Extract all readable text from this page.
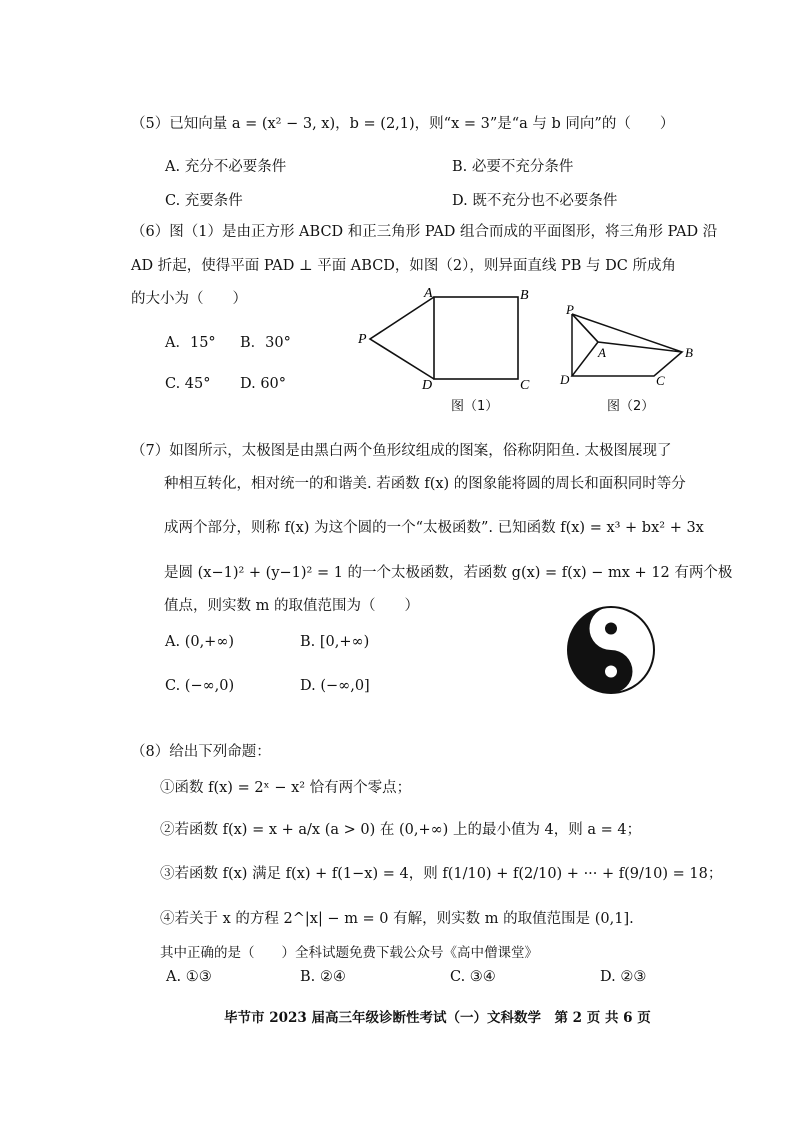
（5）已知向量 a = (x² − 3, x)，b = (2,1)，则“x = 3”是“a 与 b 同向”的（　　）
A. 充分不必要条件	B. 必要不充分条件
C. 充要条件	D. 既不充分也不必要条件
（6）图（1）是由正方形 ABCD 和正三角形 PAD 组合而成的平面图形，将三角形 PAD 沿
AD 折起，使得平面 PAD ⊥ 平面 ABCD，如图（2），则异面直线 PB 与 DC 所成角
的大小为（　　）
A．15° B．30°
C. 45° D. 60°
A	B
P
D	C
图（1）
P
A	B
D	C
图（2）
（7）如图所示，太极图是由黑白两个鱼形纹组成的图案，俗称阴阳鱼. 太极图展现了
种相互转化，相对统一的和谐美. 若函数 f(x) 的图象能将圆的周长和面积同时等分
成两个部分，则称 f(x) 为这个圆的一个“太极函数”. 已知函数 f(x) = x³ + bx² + 3x
是圆 (x−1)² + (y−1)² = 1 的一个太极函数，若函数 g(x) = f(x) − mx + 12 有两个极
值点，则实数 m 的取值范围为（　　）
A. (0,+∞)	B. [0,+∞)
C. (−∞,0)	D. (−∞,0]
（8）给出下列命题：
①函数 f(x) = 2ˣ − x² 恰有两个零点；
②若函数 f(x) = x + a/x (a > 0) 在 (0,+∞) 上的最小值为 4，则 a = 4；
③若函数 f(x) 满足 f(x) + f(1−x) = 4，则 f(1/10) + f(2/10) + ··· + f(9/10) = 18；
④若关于 x 的方程 2^|x| − m = 0 有解，则实数 m 的取值范围是 (0,1].
其中正确的是（　　）全科试题免费下载公众号《高中僧课堂》
A. ①③	B. ②④	C. ③④	D. ②③
毕节市 2023 届高三年级诊断性考试（一）文科数学　第 2 页 共 6 页
